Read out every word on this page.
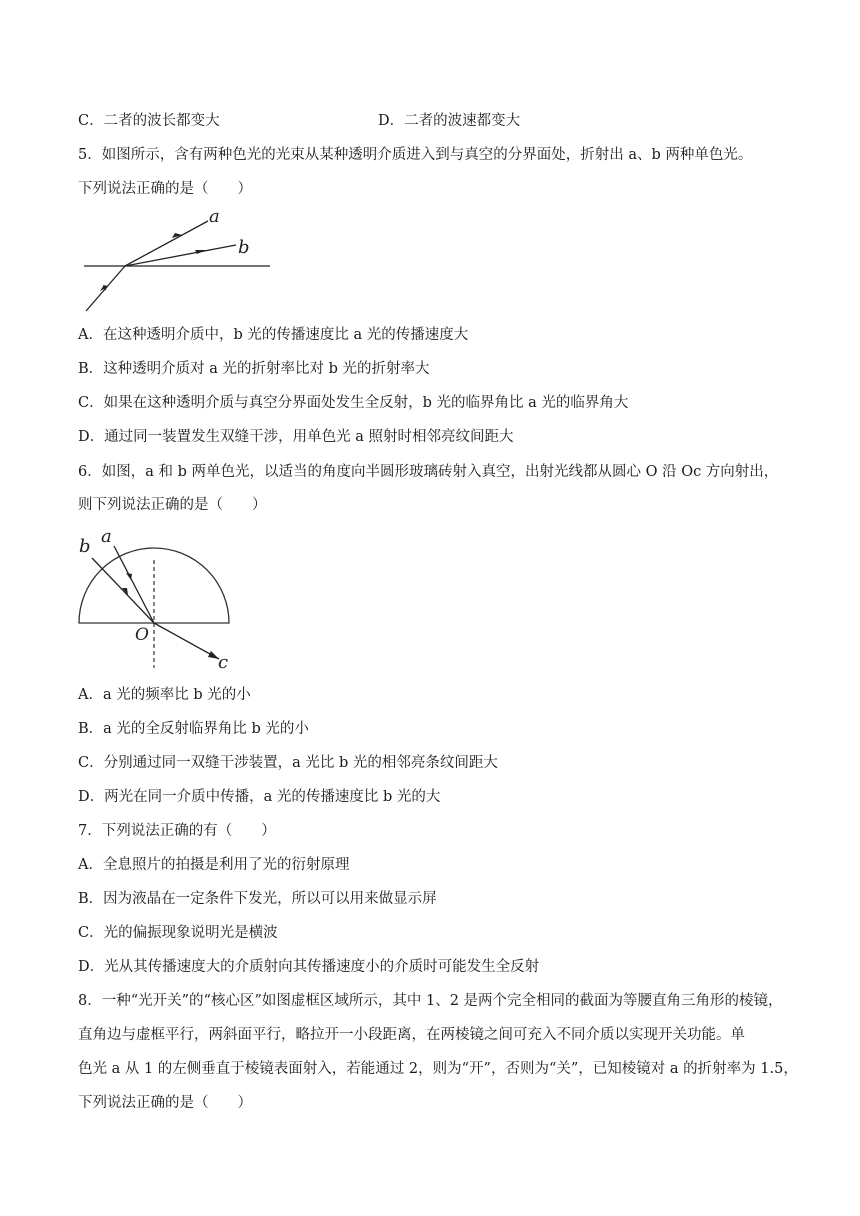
C．二者的波长都变大	D．二者的波速都变大
5．如图所示，含有两种色光的光束从某种透明介质进入到与真空的分界面处，折射出 a、b 两种单色光。
下列说法正确的是（　　）
a
b
A．在这种透明介质中，b 光的传播速度比 a 光的传播速度大
B．这种透明介质对 a 光的折射率比对 b 光的折射率大
C．如果在这种透明介质与真空分界面处发生全反射，b 光的临界角比 a 光的临界角大
D．通过同一装置发生双缝干涉，用单色光 a 照射时相邻亮纹间距大
6．如图，a 和 b 两单色光，以适当的角度向半圆形玻璃砖射入真空，出射光线都从圆心 O 沿 Oc 方向射出，
则下列说法正确的是（　　）
b a
O
c
A．a 光的频率比 b 光的小
B．a 光的全反射临界角比 b 光的小
C．分别通过同一双缝干涉装置，a 光比 b 光的相邻亮条纹间距大
D．两光在同一介质中传播，a 光的传播速度比 b 光的大
7．下列说法正确的有（　　）
A．全息照片的拍摄是利用了光的衍射原理
B．因为液晶在一定条件下发光，所以可以用来做显示屏
C．光的偏振现象说明光是横波
D．光从其传播速度大的介质射向其传播速度小的介质时可能发生全反射
8．一种“光开关”的“核心区”如图虚框区域所示，其中 1、2 是两个完全相同的截面为等腰直角三角形的棱镜，
直角边与虚框平行，两斜面平行，略拉开一小段距离，在两棱镜之间可充入不同介质以实现开关功能。单
色光 a 从 1 的左侧垂直于棱镜表面射入，若能通过 2，则为“开”，否则为“关”，已知棱镜对 a 的折射率为 1.5，
下列说法正确的是（　　）
